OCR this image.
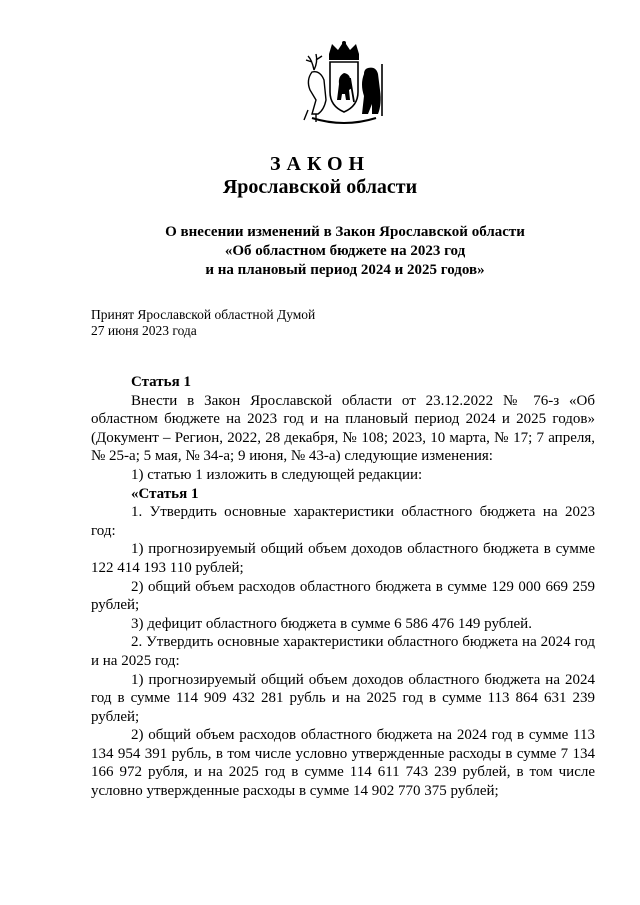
ЗАКОН
Ярославской области
О внесении изменений в Закон Ярославской области
«Об областном бюджете на 2023 год
и на плановый период 2024 и 2025 годов»
Принят Ярославской областной Думой
27 июня 2023 года

Статья 1

Внести в Закон Ярославской области от 23.12.2022 № 76-з «Об областном бюджете на 2023 год и на плановый период 2024 и 2025 годов» (Документ – Регион, 2022, 28 декабря, № 108; 2023, 10 марта, № 17; 7 апреля, № 25-а; 5 мая, № 34-а; 9 июня, № 43-а) следующие изменения:

1) статью 1 изложить в следующей редакции:

«Статья 1

1. Утвердить основные характеристики областного бюджета на 2023 год:

1) прогнозируемый общий объем доходов областного бюджета в сумме 122 414 193 110 рублей;

2) общий объем расходов областного бюджета в сумме 129 000 669 259 рублей;

3) дефицит областного бюджета в сумме 6 586 476 149 рублей.

2. Утвердить основные характеристики областного бюджета на 2024 год и на 2025 год:

1) прогнозируемый общий объем доходов областного бюджета на 2024 год в сумме 114 909 432 281 рубль и на 2025 год в сумме 113 864 631 239 рублей;

2) общий объем расходов областного бюджета на 2024 год в сумме 113 134 954 391 рубль, в том числе условно утвержденные расходы в сумме 7 134 166 972 рубля, и на 2025 год в сумме 114 611 743 239 рублей, в том числе условно утвержденные расходы в сумме 14 902 770 375 рублей;
